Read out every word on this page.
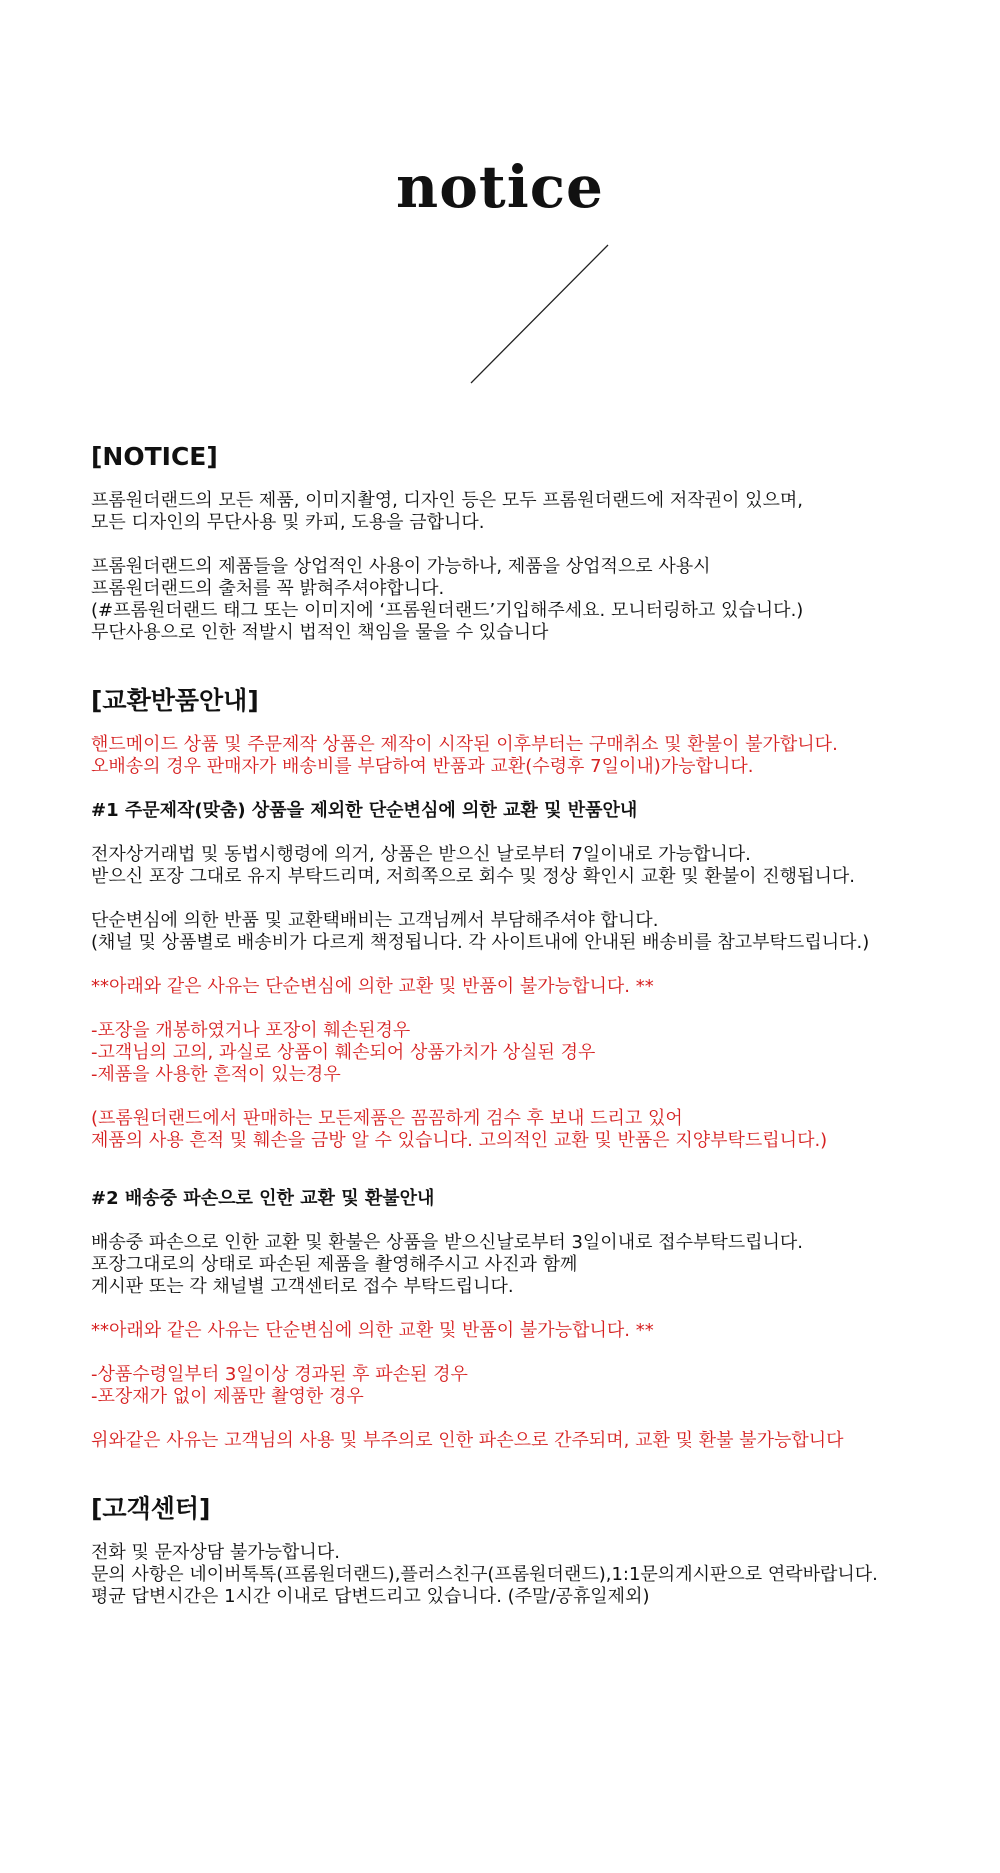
notice
[NOTICE]
프롬원더랜드의 모든 제품, 이미지촬영, 디자인 등은 모두 프롬원더랜드에 저작권이 있으며,
모든 디자인의 무단사용 및 카피, 도용을 금합니다.
프롬원더랜드의 제품들을 상업적인 사용이 가능하나, 제품을 상업적으로 사용시
프롬원더랜드의 출처를 꼭 밝혀주셔야합니다.
(#프롬원더랜드 태그 또는 이미지에 ‘프롬원더랜드’기입해주세요. 모니터링하고 있습니다.)
무단사용으로 인한 적발시 법적인 책임을 물을 수 있습니다
[교환반품안내]
핸드메이드 상품 및 주문제작 상품은 제작이 시작된 이후부터는 구매취소 및 환불이 불가합니다.
오배송의 경우 판매자가 배송비를 부담하여 반품과 교환(수령후 7일이내)가능합니다.
#1 주문제작(맞춤) 상품을 제외한 단순변심에 의한 교환 및 반품안내
전자상거래법 및 동법시행령에 의거, 상품은 받으신 날로부터 7일이내로 가능합니다.
받으신 포장 그대로 유지 부탁드리며, 저희쪽으로 회수 및 정상 확인시 교환 및 환불이 진행됩니다.
단순변심에 의한 반품 및 교환택배비는 고객님께서 부담해주셔야 합니다.
(채널 및 상품별로 배송비가 다르게 책정됩니다. 각 사이트내에 안내된 배송비를 참고부탁드립니다.)
**아래와 같은 사유는 단순변심에 의한 교환 및 반품이 불가능합니다. **
-포장을 개봉하였거나 포장이 훼손된경우
-고객님의 고의, 과실로 상품이 훼손되어 상품가치가 상실된 경우
-제품을 사용한 흔적이 있는경우
(프롬원더랜드에서 판매하는 모든제품은 꼼꼼하게 검수 후 보내 드리고 있어
제품의 사용 흔적 및 훼손을 금방 알 수 있습니다. 고의적인 교환 및 반품은 지양부탁드립니다.)
#2 배송중 파손으로 인한 교환 및 환불안내
배송중 파손으로 인한 교환 및 환불은 상품을 받으신날로부터 3일이내로 접수부탁드립니다.
포장그대로의 상태로 파손된 제품을 촬영해주시고 사진과 함께
게시판 또는 각 채널별 고객센터로 접수 부탁드립니다.
**아래와 같은 사유는 단순변심에 의한 교환 및 반품이 불가능합니다. **
-상품수령일부터 3일이상 경과된 후 파손된 경우
-포장재가 없이 제품만 촬영한 경우
위와같은 사유는 고객님의 사용 및 부주의로 인한 파손으로 간주되며, 교환 및 환불 불가능합니다
[고객센터]
전화 및 문자상담 불가능합니다.
문의 사항은 네이버톡톡(프롬원더랜드),플러스친구(프롬원더랜드),1:1문의게시판으로 연락바랍니다.
평균 답변시간은 1시간 이내로 답변드리고 있습니다. (주말/공휴일제외)
